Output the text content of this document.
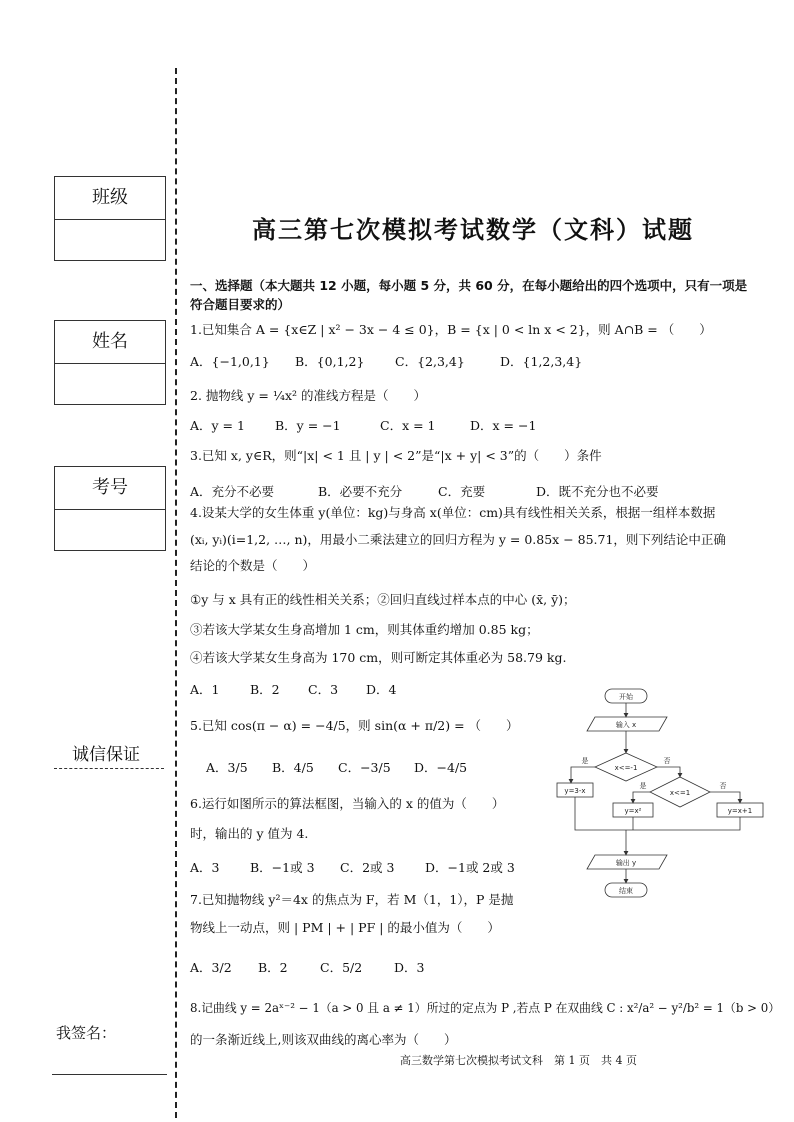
班级
姓名
考号
诚信保证
我签名：
高三第七次模拟考试数学（文科）试题
一、选择题（本大题共 12 小题，每小题 5 分，共 60 分，在每小题给出的四个选项中，只有一项是符合题目要求的）
1.已知集合 A = {x∈Z | x² − 3x − 4 ≤ 0}，B = {x | 0 < ln x < 2}，则 A∩B = （　　）
A．{−1,0,1} B．{0,1,2} C．{2,3,4}	D．{1,2,3,4}
2. 抛物线 y = ¼x² 的准线方程是（　　）
A．y = 1 B．y = −1	C．x = 1	D．x = −1
3.已知 x, y∈R，则“|x| < 1 且 | y | < 2”是“|x + y| < 3”的（　　）条件
A．充分不必要	B．必要不充分	C．充要	D．既不充分也不必要
4.设某大学的女生体重 y(单位：kg)与身高 x(单位：cm)具有线性相关关系，根据一组样本数据
(xᵢ, yᵢ)(i=1,2, …, n)，用最小二乘法建立的回归方程为 y = 0.85x − 85.71，则下列结论中正确
结论的个数是（　　）
①y 与 x 具有正的线性相关关系；②回归直线过样本点的中心 (x̄, ȳ)；
③若该大学某女生身高增加 1 cm，则其体重约增加 0.85 kg；
④若该大学某女生身高为 170 cm，则可断定其体重必为 58.79 kg.
A．1 B．2 C．3 D．4
5.已知 cos(π − α) = −4/5，则 sin(α + π/2) = （　　）
A．3/5 B．4/5 C．−3/5 D．−4/5
6.运行如图所示的算法框图，当输入的 x 的值为（　　）
时，输出的 y 值为 4.
A．3 B．−1或 3 C．2或 3 D．−1或 2或 3
7.已知抛物线 y²＝4x 的焦点为 F，若 M（1，1），P 是抛
物线上一动点，则 | PM | + | PF | 的最小值为（　　）
A．3/2 B．2	C．5/2	D．3
8.记曲线 y = 2aˣ⁻² − 1（a > 0 且 a ≠ 1）所过的定点为 P ,若点 P 在双曲线 C : x²/a² − y²/b² = 1（b > 0）
的一条渐近线上,则该双曲线的离心率为（　　）
开始
输入 x
x<=-1
是	否
y=3-x	x<=1
是	否
y=x²	y=x+1
输出 y
结束
高三数学第七次模拟考试文科　第 1 页　共 4 页
